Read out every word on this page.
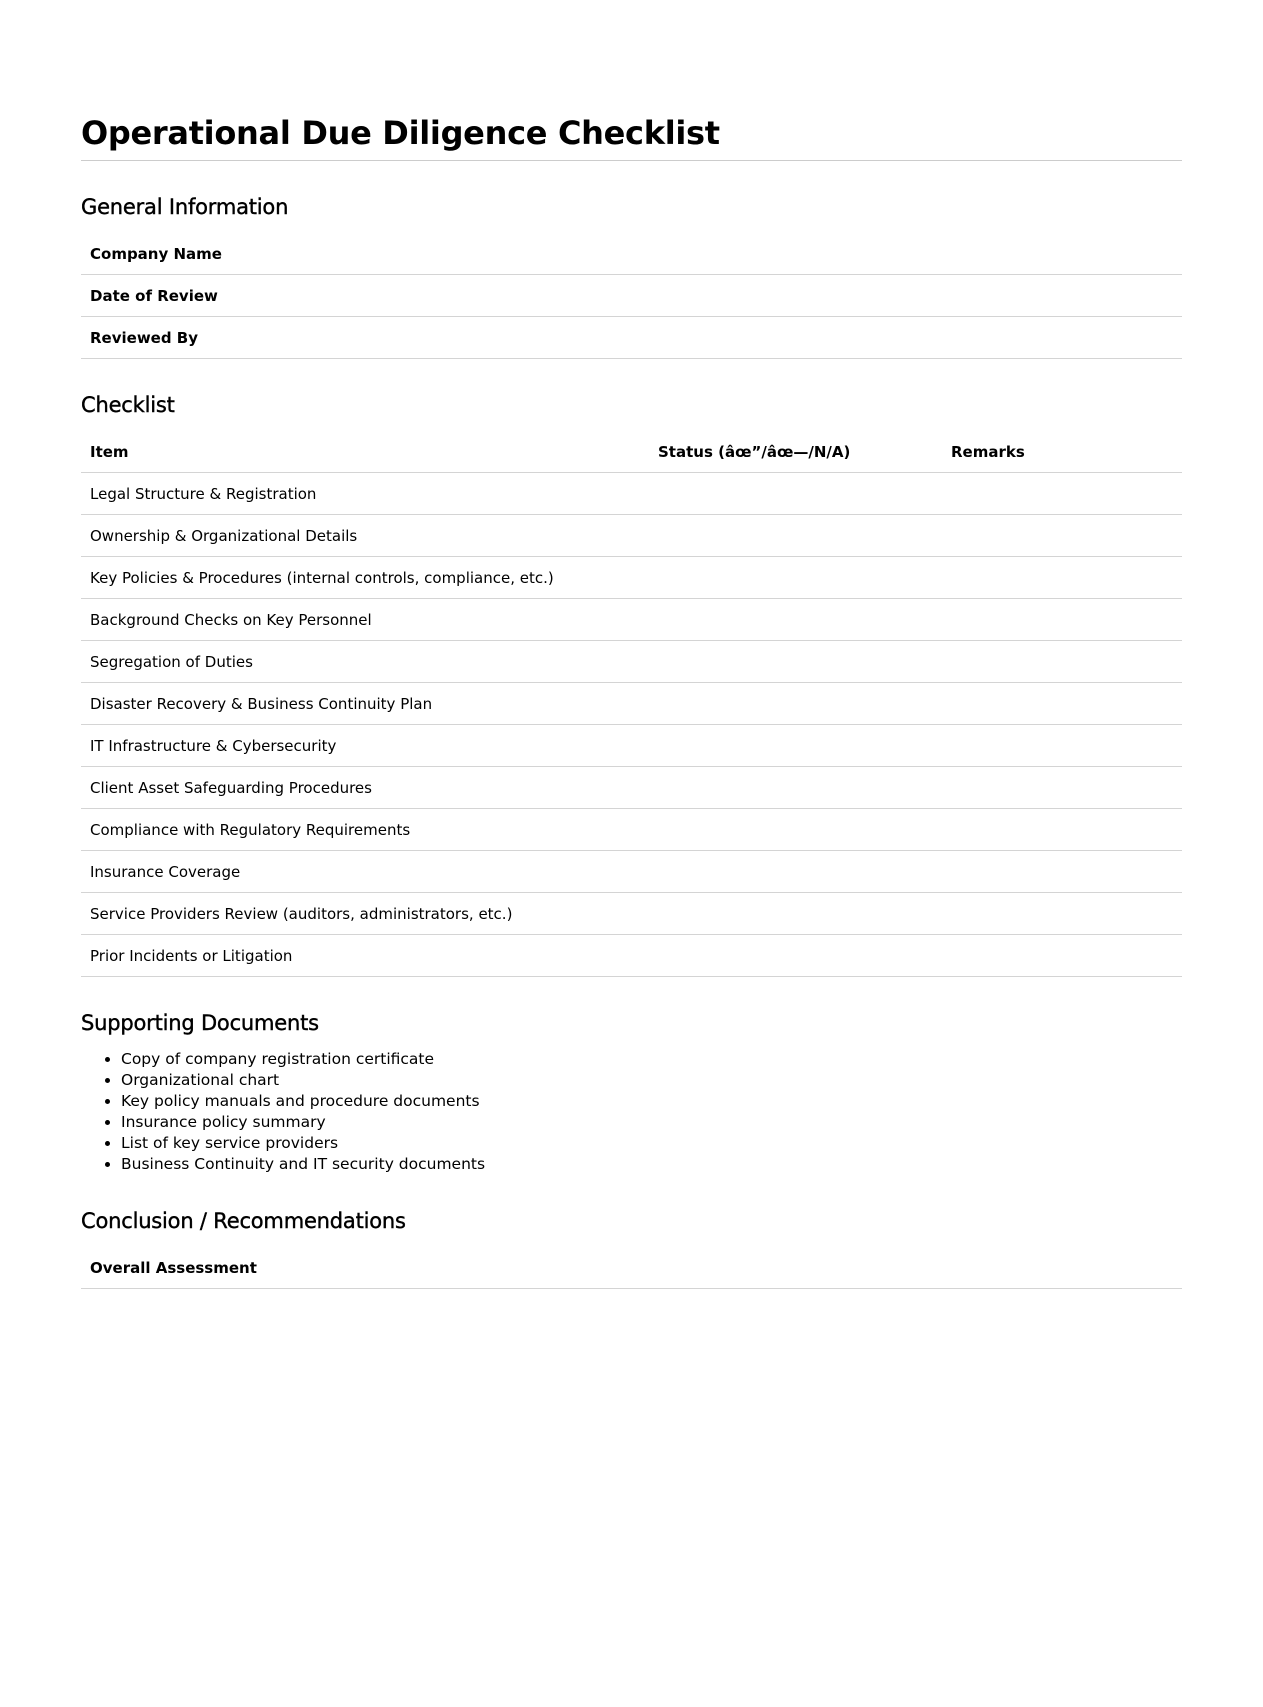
Operational Due Diligence Checklist
General Information
Company Name	
Date of Review	
Reviewed By	
Checklist
Item	Status (âœ”/âœ—/N/A)	Remarks
Legal Structure & Registration		
Ownership & Organizational Details		
Key Policies & Procedures (internal controls, compliance, etc.)		
Background Checks on Key Personnel		
Segregation of Duties		
Disaster Recovery & Business Continuity Plan		
IT Infrastructure & Cybersecurity		
Client Asset Safeguarding Procedures		
Compliance with Regulatory Requirements		
Insurance Coverage		
Service Providers Review (auditors, administrators, etc.)		
Prior Incidents or Litigation		
Supporting Documents
• Copy of company registration certificate
• Organizational chart
• Key policy manuals and procedure documents
• Insurance policy summary
• List of key service providers
• Business Continuity and IT security documents
Conclusion / Recommendations
Overall Assessment	
